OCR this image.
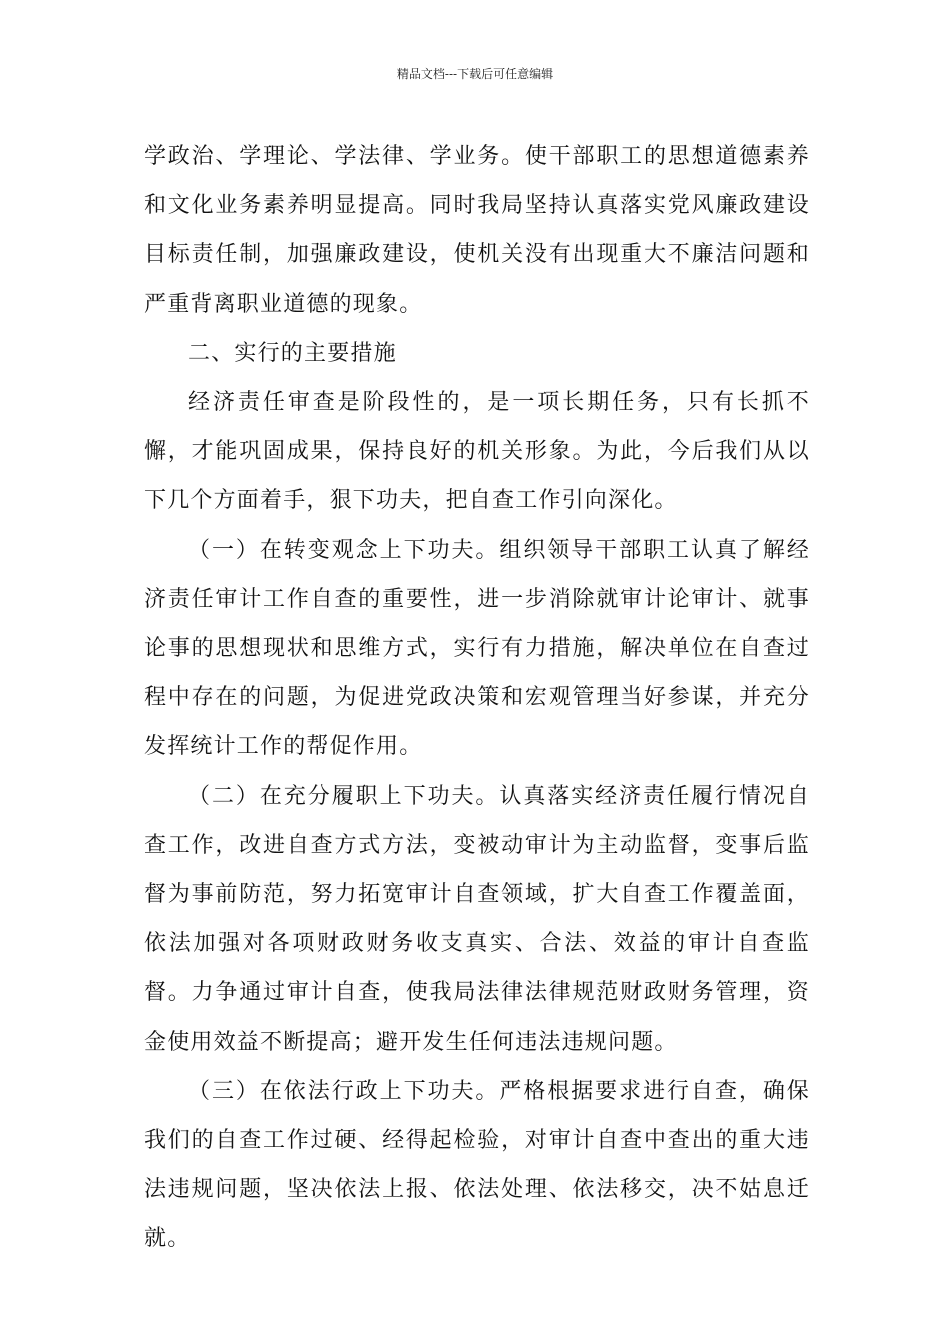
精品文档---下载后可任意编辑

学政治、学理论、学法律、学业务。使干部职工的思想道德素养和文化业务素养明显提高。同时我局坚持认真落实党风廉政建设目标责任制，加强廉政建设，使机关没有出现重大不廉洁问题和严重背离职业道德的现象。

二、实行的主要措施

经济责任审查是阶段性的，是一项长期任务，只有长抓不懈，才能巩固成果，保持良好的机关形象。为此，今后我们从以下几个方面着手，狠下功夫，把自查工作引向深化。

（一）在转变观念上下功夫。组织领导干部职工认真了解经济责任审计工作自查的重要性，进一步消除就审计论审计、就事论事的思想现状和思维方式，实行有力措施，解决单位在自查过程中存在的问题，为促进党政决策和宏观管理当好参谋，并充分发挥统计工作的帮促作用。

（二）在充分履职上下功夫。认真落实经济责任履行情况自查工作，改进自查方式方法，变被动审计为主动监督，变事后监督为事前防范，努力拓宽审计自查领域，扩大自查工作覆盖面，依法加强对各项财政财务收支真实、合法、效益的审计自查监督。力争通过审计自查，使我局法律法律规范财政财务管理，资金使用效益不断提高；避开发生任何违法违规问题。

（三）在依法行政上下功夫。严格根据要求进行自查，确保我们的自查工作过硬、经得起检验，对审计自查中查出的重大违法违规问题，坚决依法上报、依法处理、依法移交，决不姑息迁就。
